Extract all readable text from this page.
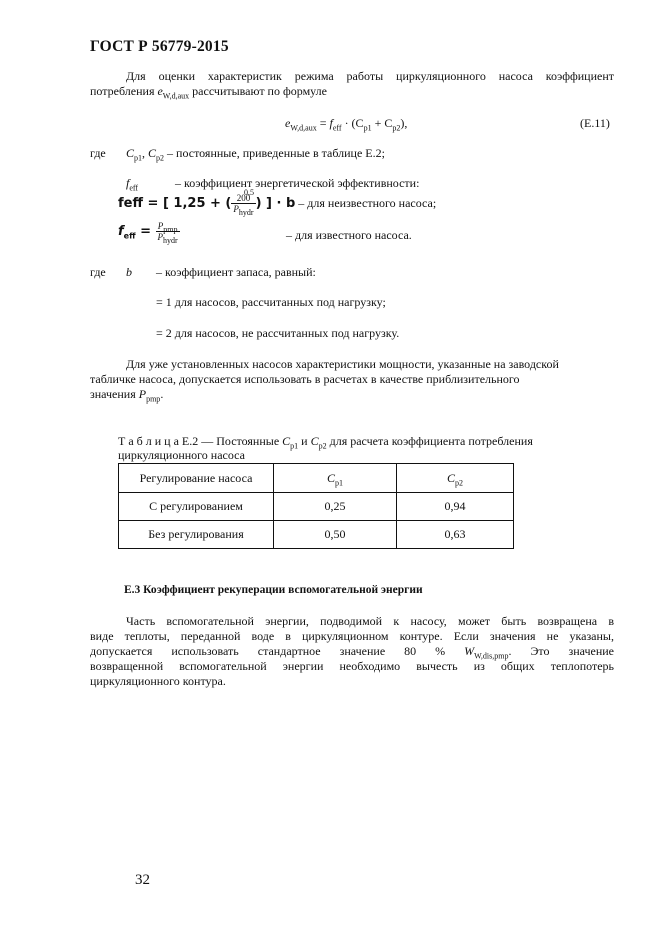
ГОСТ Р 56779-2015
Для оценки характеристик режима работы циркуляционного насоса коэффициент
потребления $e_{W,d,aux}$ рассчитывают по формуле
$e_{W,d,aux} = f_{eff} \cdot (C_{p1} + C_{p2})$,	(E.11)
где $C_{p1}$, $C_{p2}$ – постоянные, приведенные в таблице Е.2;
$f_{eff}$	– коэффициент энергетической эффективности:
feff = [ 1,25 + ( $\frac{200}{P_{hydr}}$ ) ] · b – для неизвестного насоса;
0,5
$f_{eff} = \frac{P_{pmp}}{P_{hydr}}$	– для известного насоса.
где b – коэффициент запаса, равный:
= 1 для насосов, рассчитанных под нагрузку;
= 2 для насосов, не рассчитанных под нагрузку.
Для уже установленных насосов характеристики мощности, указанные на заводской
табличке насоса, допускается использовать в расчетах в качестве приблизительного
значения $P_{pmp}$.
Т а б л и ц а Е.2 — Постоянные $C_{p1}$ и $C_{p2}$ для расчета коэффициента потребления
циркуляционного насоса
Регулирование насоса	$C_{p1}$	$C_{p2}$
С регулированием	0,25	0,94
Без регулирования	0,50	0,63
E.3 Коэффициент рекуперации вспомогательной энергии
Часть вспомогательной энергии, подводимой к насосу, может быть возвращена в
виде теплоты, переданной воде в циркуляционном контуре. Если значения не указаны,
допускается использовать стандартное значение 80 % $W_{W,dis,pmp}$. Это значение
возвращенной вспомогательной энергии необходимо вычесть из общих теплопотерь
циркуляционного контура.
32
